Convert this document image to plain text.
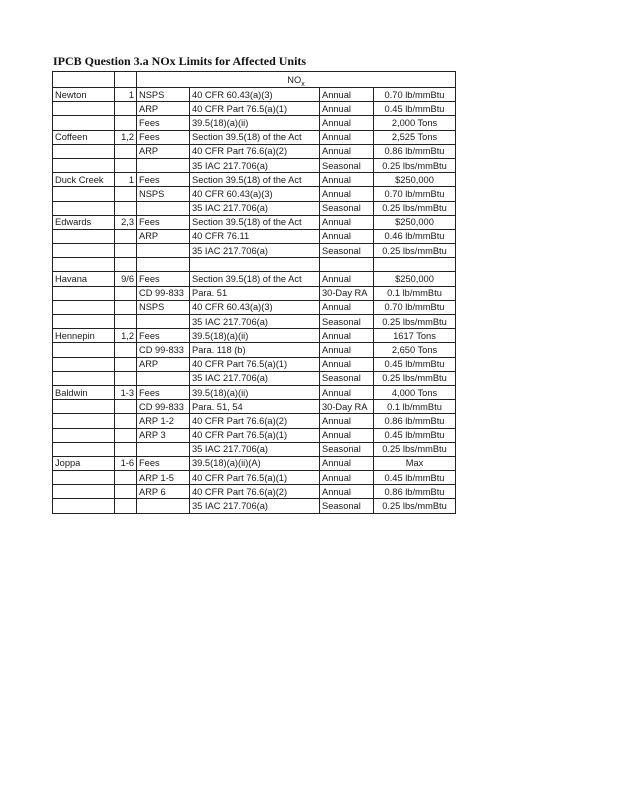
IPCB Question 3.a NOx Limits for Affected Units
		$NO_x$
Newton	1	NSPS	40 CFR 60.43(a)(3)	Annual	0.70 lb/mmBtu
		ARP	40 CFR Part 76.5(a)(1)	Annual	0.45 lb/mmBtu
		Fees	39.5(18)(a)(ii)	Annual	2,000 Tons
Coffeen	1,2	Fees	Section 39.5(18) of the Act	Annual	2,525 Tons
		ARP	40 CFR Part 76.6(a)(2)	Annual	0.86 lb/mmBtu
			35 IAC 217.706(a)	Seasonal	0.25 lbs/mmBtu
Duck Creek	1	Fees	Section 39.5(18) of the Act	Annual	$250,000
		NSPS	40 CFR 60.43(a)(3)	Annual	0.70 lb/mmBtu
			35 IAC 217.706(a)	Seasonal	0.25 lbs/mmBtu
Edwards	2,3	Fees	Section 39.5(18) of the Act	Annual	$250,000
		ARP	40 CFR 76.11	Annual	0.46 lb/mmBtu
			35 IAC 217.706(a)	Seasonal	0.25 lbs/mmBtu

Havana	9/6	Fees	Section 39.5(18) of the Act	Annual	$250,000
		CD 99-833	Para. 51	30-Day RA	0.1 lb/mmBtu
		NSPS	40 CFR 60.43(a)(3)	Annual	0.70 lb/mmBtu
			35 IAC 217.706(a)	Seasonal	0.25 lbs/mmBtu
Hennepin	1,2	Fees	39.5(18)(a)(ii)	Annual	1617 Tons
		CD 99-833	Para. 118 (b)	Annual	2,650 Tons
		ARP	40 CFR Part 76.5(a)(1)	Annual	0.45 lb/mmBtu
			35 IAC 217.706(a)	Seasonal	0.25 lbs/mmBtu
Baldwin	1-3	Fees	39.5(18)(a)(ii)	Annual	4,000 Tons
		CD 99-833	Para. 51, 54	30-Day RA	0.1 lb/mmBtu
		ARP 1-2	40 CFR Part 76.6(a)(2)	Annual	0.86 lb/mmBtu
		ARP 3	40 CFR Part 76.5(a)(1)	Annual	0.45 lb/mmBtu
			35 IAC 217.706(a)	Seasonal	0.25 lbs/mmBtu
Joppa	1-6	Fees	39.5(18)(a)(ii)(A)	Annual	Max
		ARP 1-5	40 CFR Part 76.5(a)(1)	Annual	0.45 lb/mmBtu
		ARP 6	40 CFR Part 76.6(a)(2)	Annual	0.86 lb/mmBtu
			35 IAC 217.706(a)	Seasonal	0.25 lbs/mmBtu
